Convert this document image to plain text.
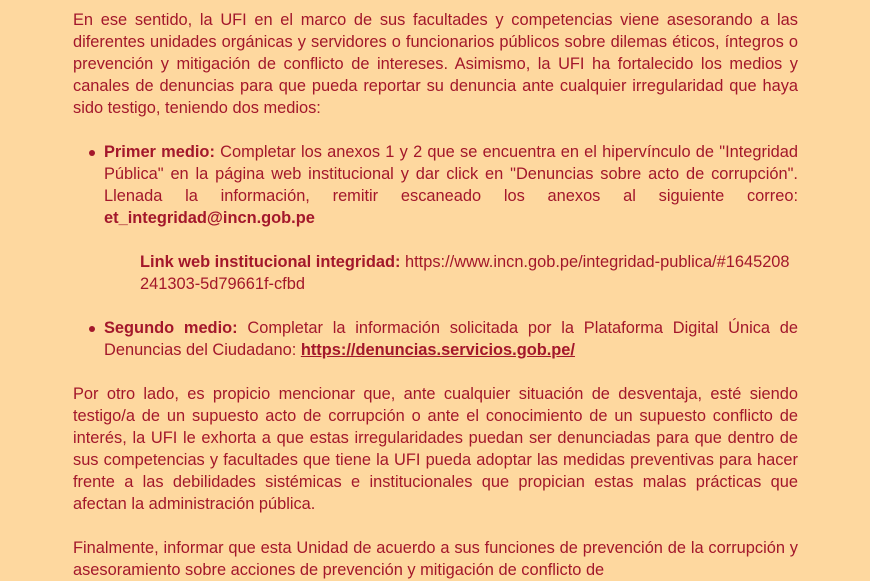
En ese sentido, la UFI en el marco de sus facultades y competencias viene asesorando a las diferentes unidades orgánicas y servidores o funcionarios públicos sobre dilemas éticos, íntegros o prevención y mitigación de conflicto de intereses. Asimismo, la UFI ha fortalecido los medios y canales de denuncias para que pueda reportar su denuncia ante cualquier irregularidad que haya sido testigo, teniendo dos medios:

Primer medio: Completar los anexos 1 y 2 que se encuentra en el hipervínculo de "Integridad Pública" en la página web institucional y dar click en "Denuncias sobre acto de corrupción". Llenada la información, remitir escaneado los anexos al siguiente correo: et_integridad@incn.gob.pe
Link web institucional integridad: https://www.incn.gob.pe/integridad-publica/#1645208241303-5d79661f-cfbd
Segundo medio: Completar la información solicitada por la Plataforma Digital Única de Denuncias del Ciudadano: https://denuncias.servicios.gob.pe/

Por otro lado, es propicio mencionar que, ante cualquier situación de desventaja, esté siendo testigo/a de un supuesto acto de corrupción o ante el conocimiento de un supuesto conflicto de interés, la UFI le exhorta a que estas irregularidades puedan ser denunciadas para que dentro de sus competencias y facultades que tiene la UFI pueda adoptar las medidas preventivas para hacer frente a las debilidades sistémicas e institucionales que propician estas malas prácticas que afectan la administración pública.

Finalmente, informar que esta Unidad de acuerdo a sus funciones de prevención de la corrupción y asesoramiento sobre acciones de prevención y mitigación de conflicto de
